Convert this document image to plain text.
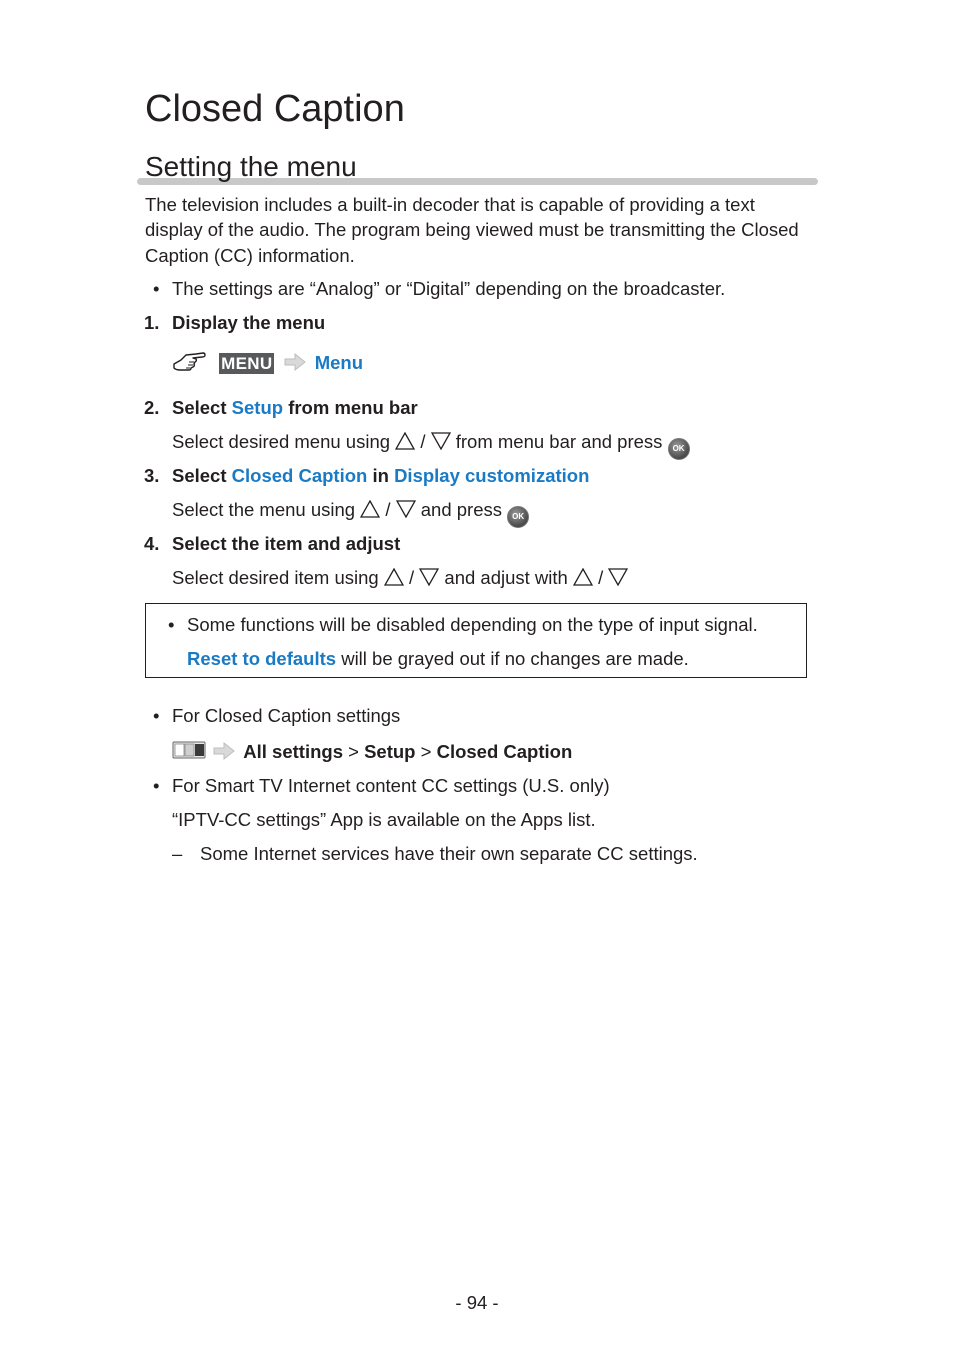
Closed Caption
Setting the menu
The television includes a built-in decoder that is capable of providing a text display of the audio. The program being viewed must be transmitting the Closed Caption (CC) information.
• The settings are “Analog” or “Digital” depending on the broadcaster.
1. Display the menu
MENU Menu
2. Select Setup from menu bar
Select desired menu using / from menu bar and press OK
3. Select Closed Caption in Display customization
Select the menu using / and press OK
4. Select the item and adjust
Select desired item using / and adjust with /
• Some functions will be disabled depending on the type of input signal.
Reset to defaults will be grayed out if no changes are made.
• For Closed Caption settings
All settings > Setup > Closed Caption
• For Smart TV Internet content CC settings (U.S. only)
“IPTV-CC settings” App is available on the Apps list.
– Some Internet services have their own separate CC settings.
- 94 -
